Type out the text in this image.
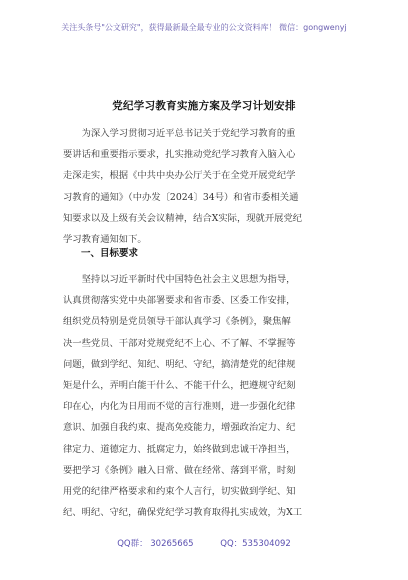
关注头条号"公文研究"，获得最新最全最专业的公文资料库！ 微信：gongwenyj
党纪学习教育实施方案及学习计划安排
　　为深入学习贯彻习近平总书记关于党纪学习教育的重
要讲话和重要指示要求，扎实推动党纪学习教育入脑入心
走深走实，根据《中共中央办公厅关于在全党开展党纪学
习教育的通知》（中办发〔2024〕34号）和省市委相关通
知要求以及上级有关会议精神，结合X实际，现就开展党纪
学习教育通知如下。
一、目标要求
　　坚持以习近平新时代中国特色社会主义思想为指导，
认真贯彻落实党中央部署要求和省市委、区委工作安排，
组织党员特别是党员领导干部认真学习《条例》，聚焦解
决一些党员、干部对党规党纪不上心、不了解、不掌握等
问题，做到学纪、知纪、明纪、守纪，搞清楚党的纪律规
矩是什么，弄明白能干什么、不能干什么，把遵规守纪刻
印在心，内化为日用而不觉的言行准则，进一步强化纪律
意识、加强自我约束、提高免疫能力，增强政治定力、纪
律定力、道德定力、抵腐定力，始终做到忠诚干净担当，
要把学习《条例》融入日常、做在经常、落到平常，时刻
用党的纪律严格要求和约束个人言行，切实做到学纪、知
纪、明纪、守纪，确保党纪学习教育取得扎实成效，为X工
QQ群： 30265665	QQ：535304092
